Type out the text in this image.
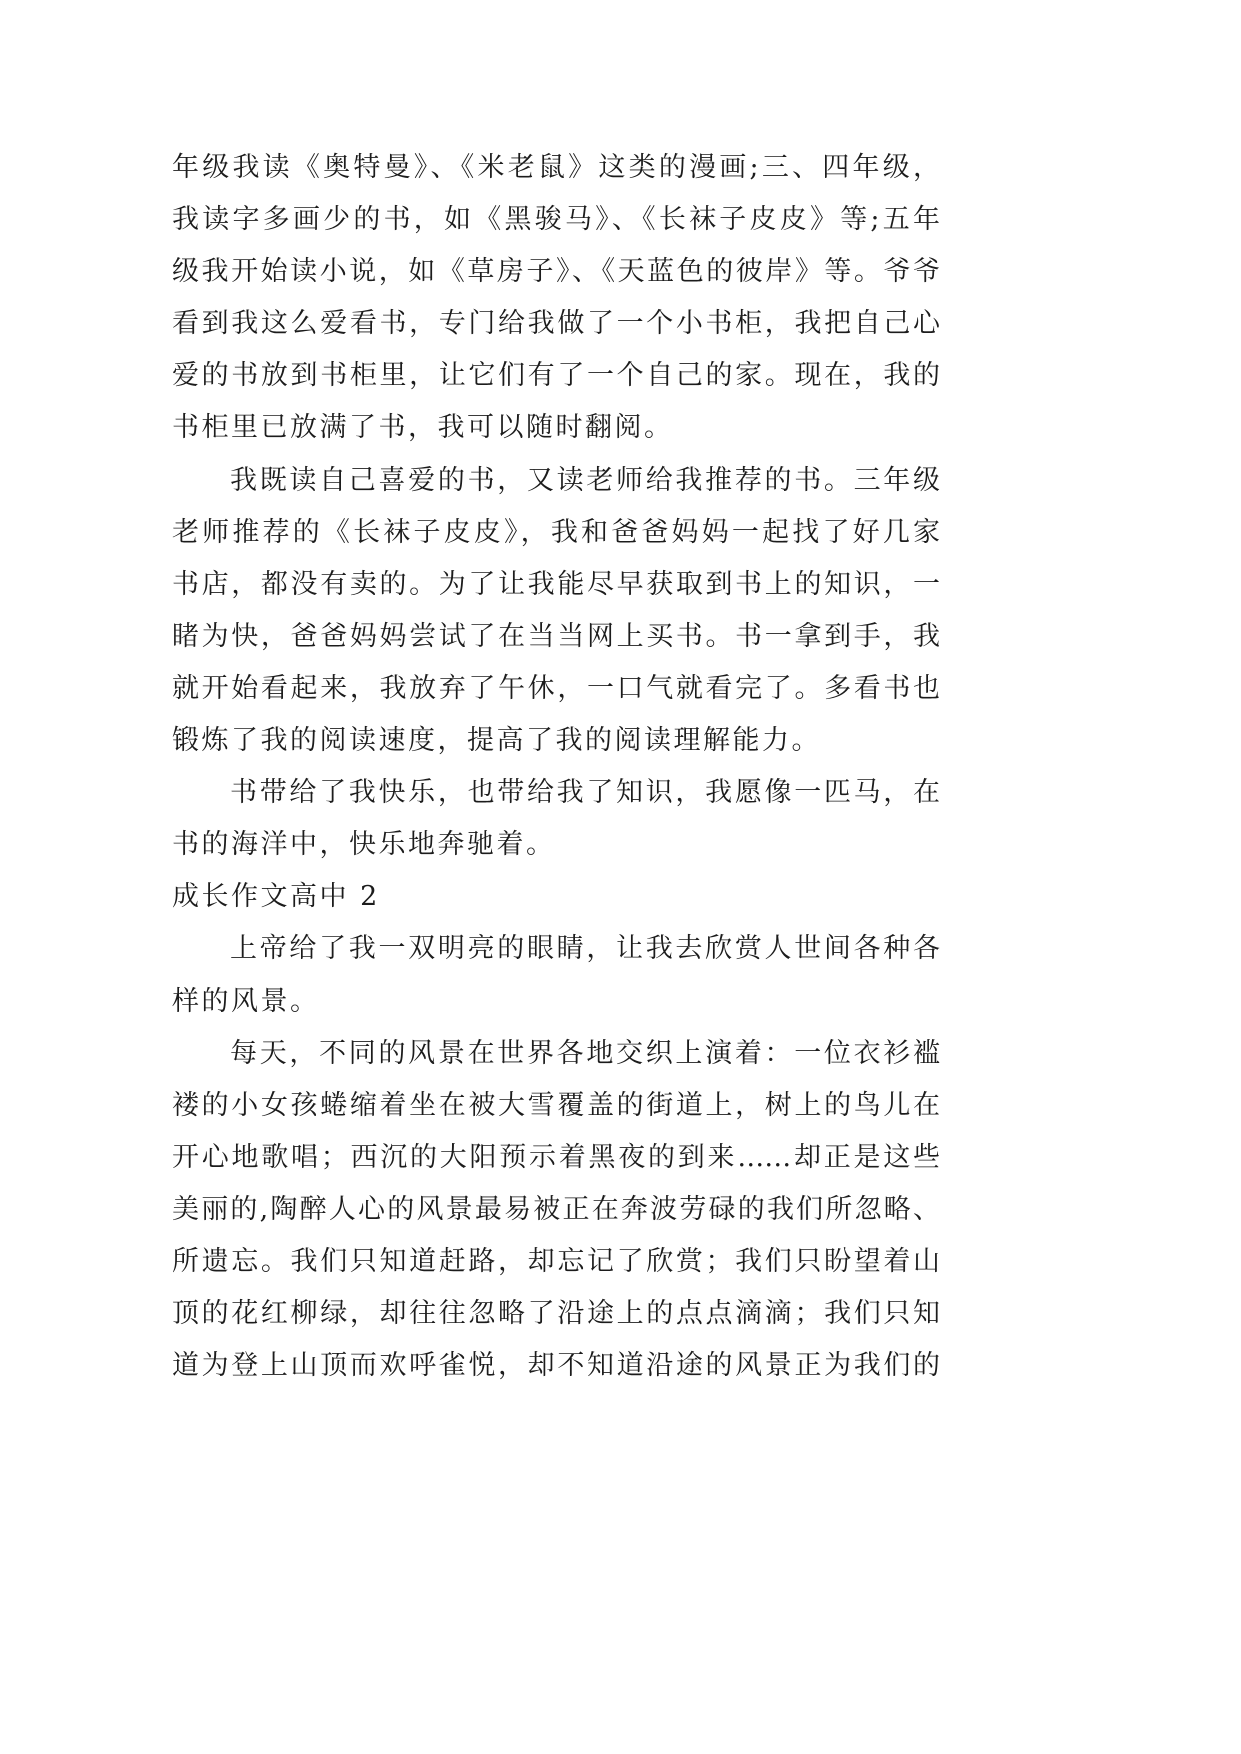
年级我读《奥特曼》、《米老鼠》这类的漫画;三、四年级，
我读字多画少的书，如《黑骏马》、《长袜子皮皮》等;五年
级我开始读小说，如《草房子》、《天蓝色的彼岸》等。爷爷
看到我这么爱看书，专门给我做了一个小书柜，我把自己心
爱的书放到书柜里，让它们有了一个自己的家。现在，我的
书柜里已放满了书，我可以随时翻阅。
我既读自己喜爱的书，又读老师给我推荐的书。三年级
老师推荐的《长袜子皮皮》，我和爸爸妈妈一起找了好几家
书店，都没有卖的。为了让我能尽早获取到书上的知识，一
睹为快，爸爸妈妈尝试了在当当网上买书。书一拿到手，我
就开始看起来，我放弃了午休，一口气就看完了。多看书也
锻炼了我的阅读速度，提高了我的阅读理解能力。
书带给了我快乐，也带给我了知识，我愿像一匹马，在
书的海洋中，快乐地奔驰着。
成长作文高中 2
上帝给了我一双明亮的眼睛，让我去欣赏人世间各种各
样的风景。
每天，不同的风景在世界各地交织上演着：一位衣衫褴
褛的小女孩蜷缩着坐在被大雪覆盖的街道上，树上的鸟儿在
开心地歌唱；西沉的大阳预示着黑夜的到来……却正是这些
美丽的,陶醉人心的风景最易被正在奔波劳碌的我们所忽略、
所遗忘。我们只知道赶路，却忘记了欣赏；我们只盼望着山
顶的花红柳绿，却往往忽略了沿途上的点点滴滴；我们只知
道为登上山顶而欢呼雀悦，却不知道沿途的风景正为我们的
